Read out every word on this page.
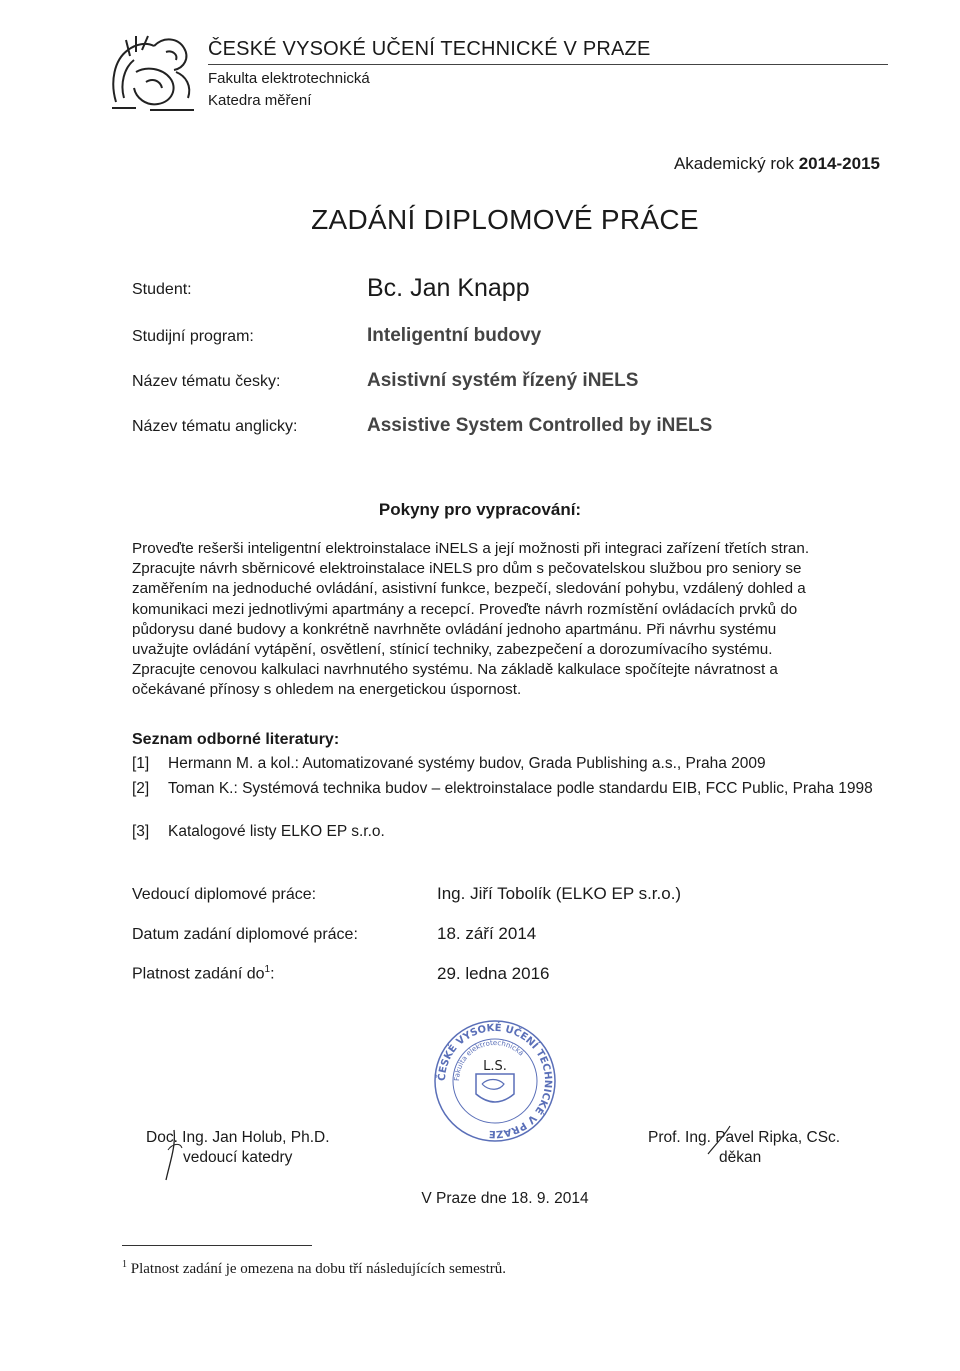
ČESKÉ VYSOKÉ UČENÍ TECHNICKÉ V PRAZE
Fakulta elektrotechnická
Katedra měření
Akademický rok 2014-2015
ZADÁNÍ DIPLOMOVÉ PRÁCE
Student:	Bc. Jan Knapp
Studijní program:	Inteligentní budovy
Název tématu česky:	Asistivní systém řízený iNELS
Název tématu anglicky:	Assistive System Controlled by iNELS
Pokyny pro vypracování:
Proveďte rešerši inteligentní elektroinstalace iNELS a její možnosti při integraci zařízení třetích stran.
Zpracujte návrh sběrnicové elektroinstalace iNELS pro dům s pečovatelskou službou pro seniory se
zaměřením na jednoduché ovládání, asistivní funkce, bezpečí, sledování pohybu, vzdálený dohled a
komunikaci mezi jednotlivými apartmány a recepcí. Proveďte návrh rozmístění ovládacích prvků do
půdorysu dané budovy a konkrétně navrhněte ovládání jednoho apartmánu. Při návrhu systému
uvažujte ovládání vytápění, osvětlení, stínicí techniky, zabezpečení a dorozumívacího systému.
Zpracujte cenovou kalkulaci navrhnutého systému. Na základě kalkulace spočítejte návratnost a
očekávané přínosy s ohledem na energetickou úspornost.
Seznam odborné literatury:
[1] Hermann M. a kol.: Automatizované systémy budov, Grada Publishing a.s., Praha 2009
[2] Toman K.: Systémová technika budov – elektroinstalace podle standardu EIB, FCC Public, Praha 1998
[3] Katalogové listy ELKO EP s.r.o.
Vedoucí diplomové práce:	Ing. Jiří Tobolík (ELKO EP s.r.o.)
Datum zadání diplomové práce:	18. září 2014
Platnost zadání $do^1$:	29. ledna 2016
ČESKÉ VYSOKÉ UČENÍ TECHNICKÉ V PRAZE
Fakulta elektrotechnická
L.S.
Doc. Ing. Jan Holub, Ph.D.
vedoucí katedry
Prof. Ing. Pavel Ripka, CSc.
děkan
V Praze dne 18. 9. 2014
$^1$ Platnost zadání je omezena na dobu tří následujících semestrů.
